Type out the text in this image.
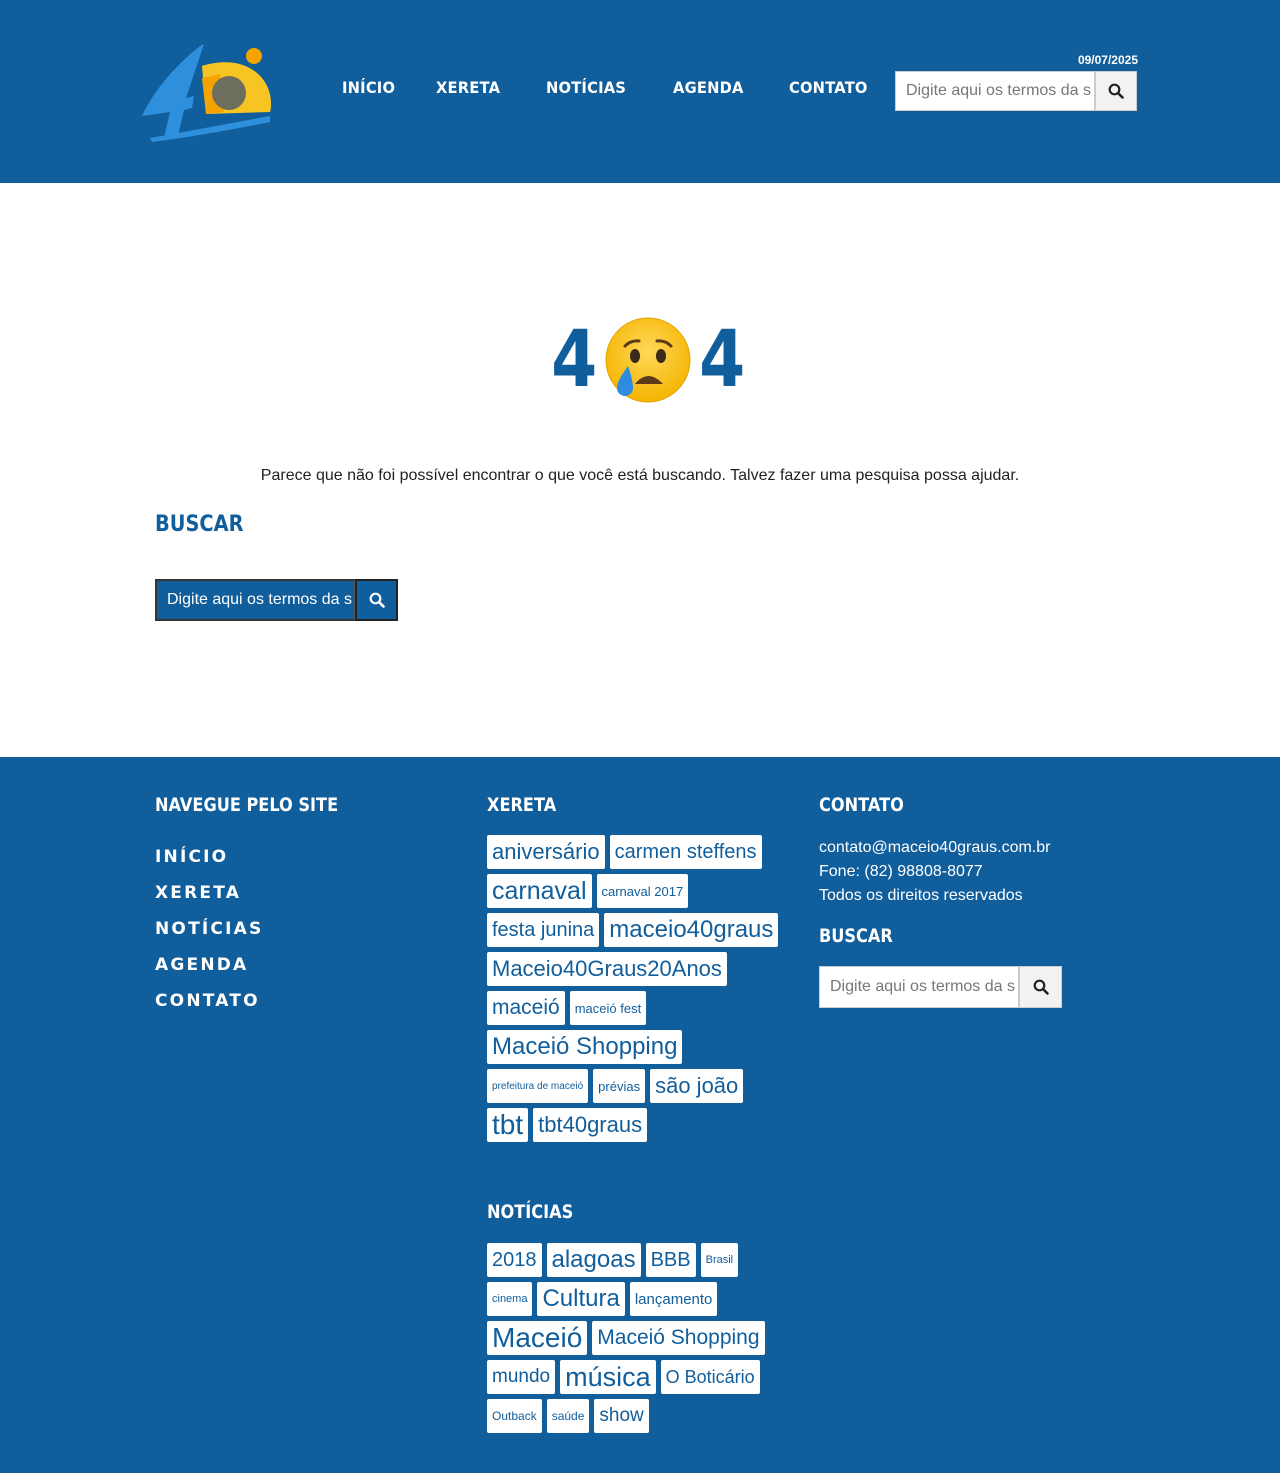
INÍCIO	XERETA	NOTÍCIAS	AGENDA	CONTATO
09/07/2025
Digite aqui os termos da s
4 4
Parece que não foi possível encontrar o que você está buscando. Talvez fazer uma pesquisa possa ajudar.
BUSCAR
Digite aqui os termos da s
NAVEGUE PELO SITE
INÍCIO
XERETA
NOTÍCIAS
AGENDA
CONTATO
XERETA
aniversário carmen steffens
carnaval	carnaval 2017
festa junina maceio40graus
Maceio40Graus20Anos
maceió	maceió fest
Maceió Shopping
prefeitura de maceió	prévias são joão
tbt tbt40graus
NOTÍCIAS
2018 alagoas BBB	Brasil
cinema Cultura	lançamento
Maceió Maceió Shopping
mundo música O Boticário
Outback	saúde show
CONTATO
contato@maceio40graus.com.br
Fone: (82) 98808-8077
Todos os direitos reservados
BUSCAR
Digite aqui os termos da s
